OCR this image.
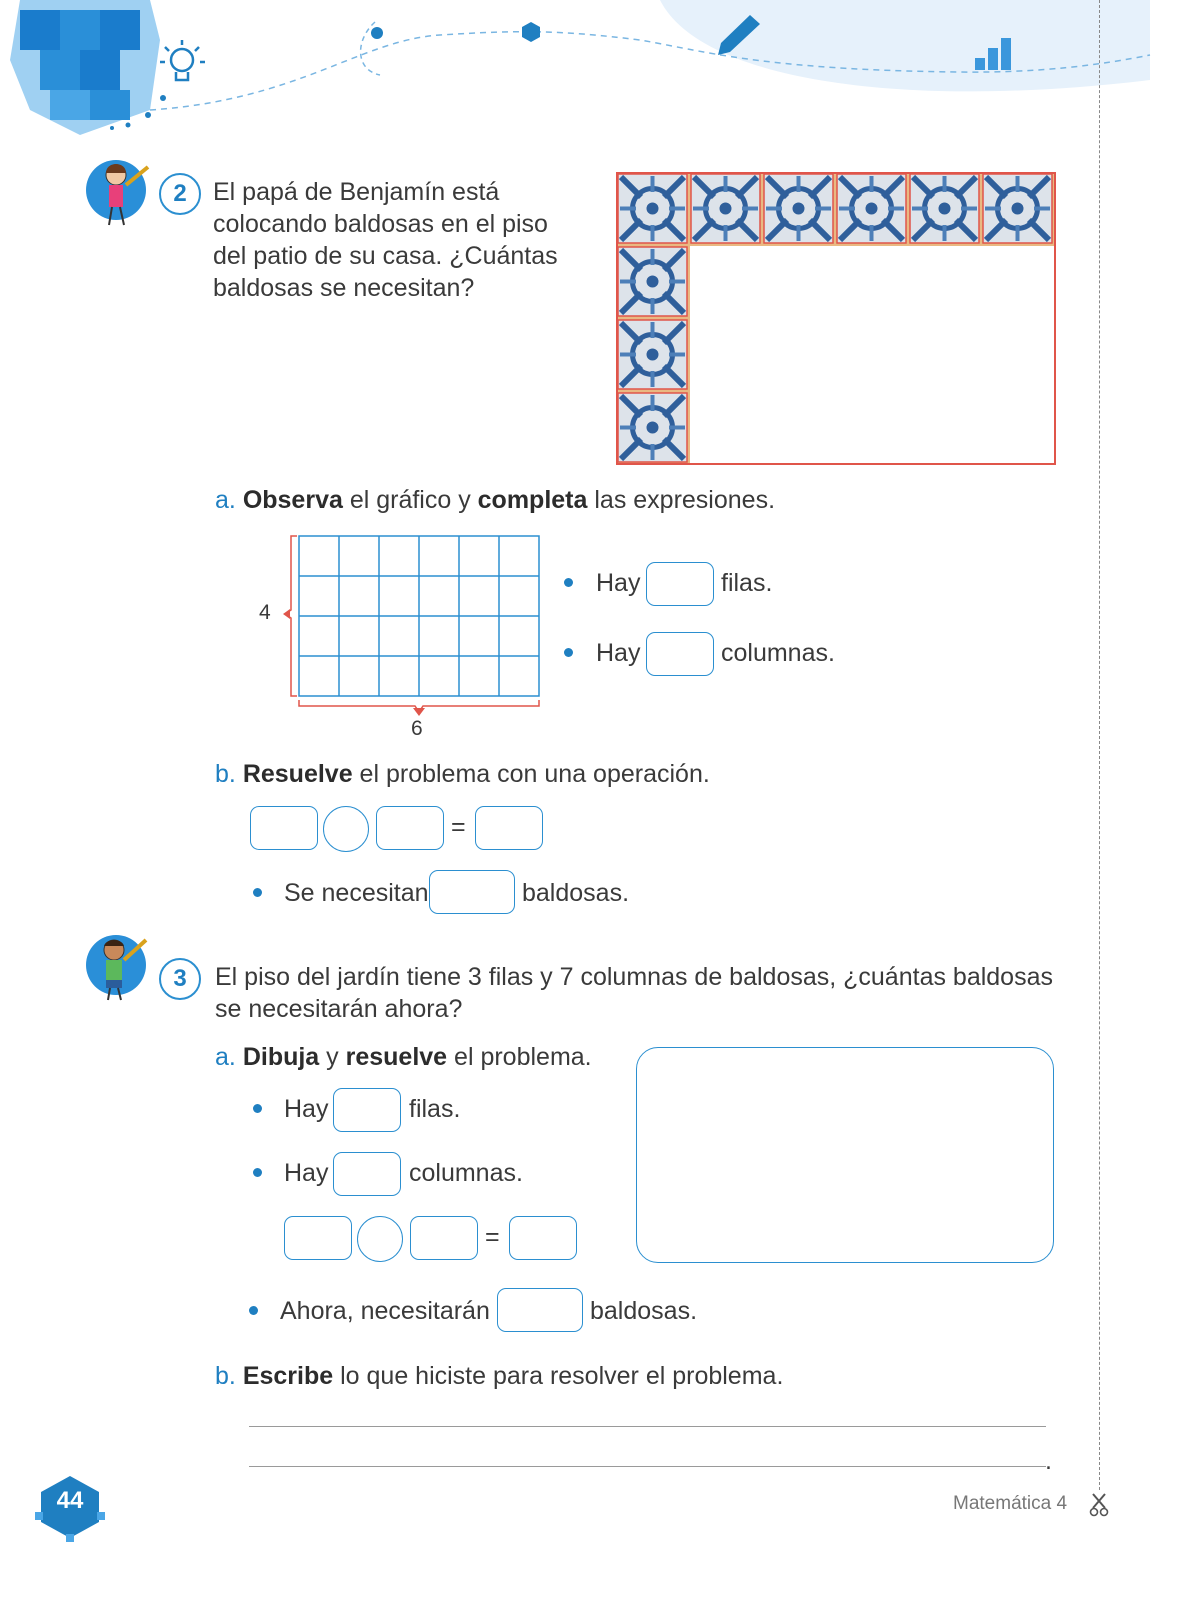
2	El papá de Benjamín está colocando baldosas en el piso del patio de su casa. ¿Cuántas baldosas se necesitan?
a. Observa el gráfico y completa las expresiones.
4
6
Hay	filas.
Hay	columnas.
b. Resuelve el problema con una operación.
=
Se necesitan	baldosas.
3	El piso del jardín tiene 3 filas y 7 columnas de baldosas, ¿cuántas baldosas se necesitarán ahora?
a. Dibuja y resuelve el problema.
Hay	filas.
Hay	columnas.
=
Ahora, necesitarán	baldosas.
b. Escribe lo que hiciste para resolver el problema.
.
44	Matemática 4
